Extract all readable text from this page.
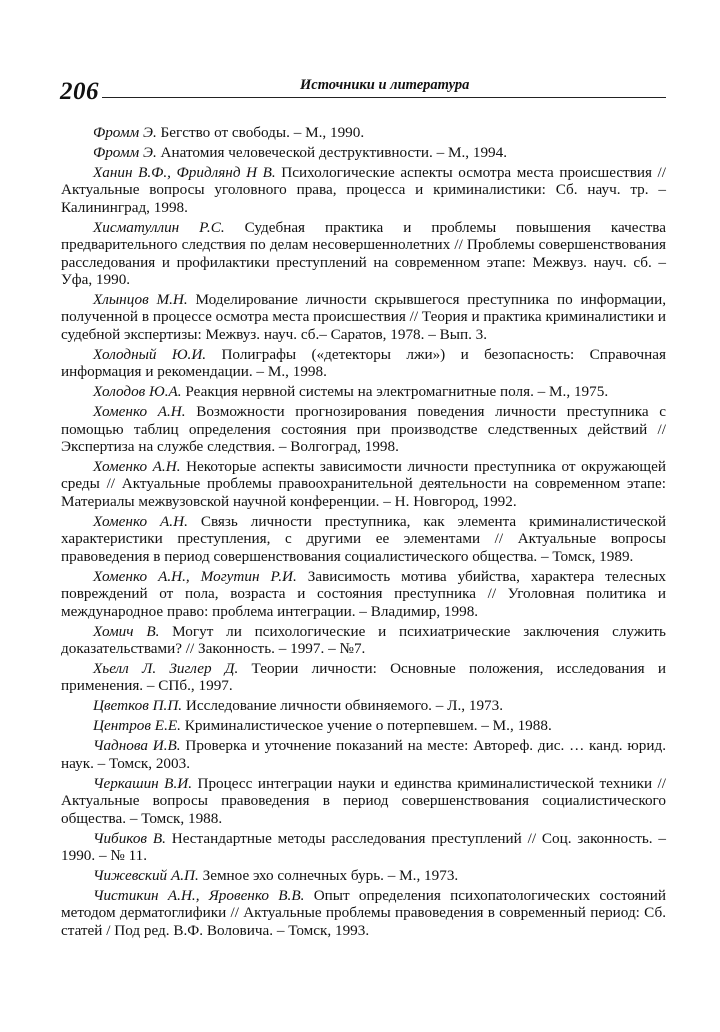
206	Источники и литература

Фромм Э. Бегство от свободы. – М., 1990.

Фромм Э. Анатомия человеческой деструктивности. – М., 1994.

Ханин В.Ф., Фридлянд Н В. Психологические аспекты осмотра места происшествия // Актуальные вопросы уголовного права, процесса и криминалистики: Сб. науч. тр. – Калининград, 1998.

Хисматуллин Р.С. Судебная практика и проблемы повышения качества предварительного следствия по делам несовершеннолетних // Проблемы совершенствования расследования и профилактики преступлений на современном этапе: Межвуз. науч. сб. – Уфа, 1990.

Хлынцов М.Н. Моделирование личности скрывшегося преступника по информации, полученной в процессе осмотра места происшествия // Теория и практика криминалистики и судебной экспертизы: Межвуз. науч. сб.– Саратов, 1978. – Вып. 3.

Холодный Ю.И. Полиграфы («детекторы лжи») и безопасность: Справочная информация и рекомендации. – М., 1998.

Холодов Ю.А. Реакция нервной системы на электромагнитные поля. – М., 1975.

Хоменко А.Н. Возможности прогнозирования поведения личности преступника с помощью таблиц определения состояния при производстве следственных действий // Экспертиза на службе следствия. – Волгоград, 1998.

Хоменко А.Н. Некоторые аспекты зависимости личности преступника от окружающей среды // Актуальные проблемы правоохранительной деятельности на современном этапе: Материалы межвузовской научной конференции. – Н. Новгород, 1992.

Хоменко А.Н. Связь личности преступника, как элемента криминалистической характеристики преступления, с другими ее элементами // Актуальные вопросы правоведения в период совершенствования социалистического общества. – Томск, 1989.

Хоменко А.Н., Могутин Р.И. Зависимость мотива убийства, характера телесных повреждений от пола, возраста и состояния преступника // Уголовная политика и международное право: проблема интеграции. – Владимир, 1998.

Хомич В. Могут ли психологические и психиатрические заключения служить доказательствами? // Законность. – 1997. – №7.

Хьелл Л. Зиглер Д. Теории личности: Основные положения, исследования и применения. – СПб., 1997.

Цветков П.П. Исследование личности обвиняемого. – Л., 1973.

Центров Е.Е. Криминалистическое учение о потерпевшем. – М., 1988.

Чаднова И.В. Проверка и уточнение показаний на месте: Автореф. дис. … канд. юрид. наук. – Томск, 2003.

Черкашин В.И. Процесс интеграции науки и единства криминалистической техники // Актуальные вопросы правоведения в период совершенствования социалистического общества. – Томск, 1988.

Чибиков В. Нестандартные методы расследования преступлений // Соц. законность. – 1990. – № 11.

Чижевский А.П. Земное эхо солнечных бурь. – М., 1973.

Чистикин А.Н., Яровенко В.В. Опыт определения психопатологических состояний методом дерматоглифики // Актуальные проблемы правоведения в современный период: Сб. статей / Под ред. В.Ф. Воловича. – Томск, 1993.
